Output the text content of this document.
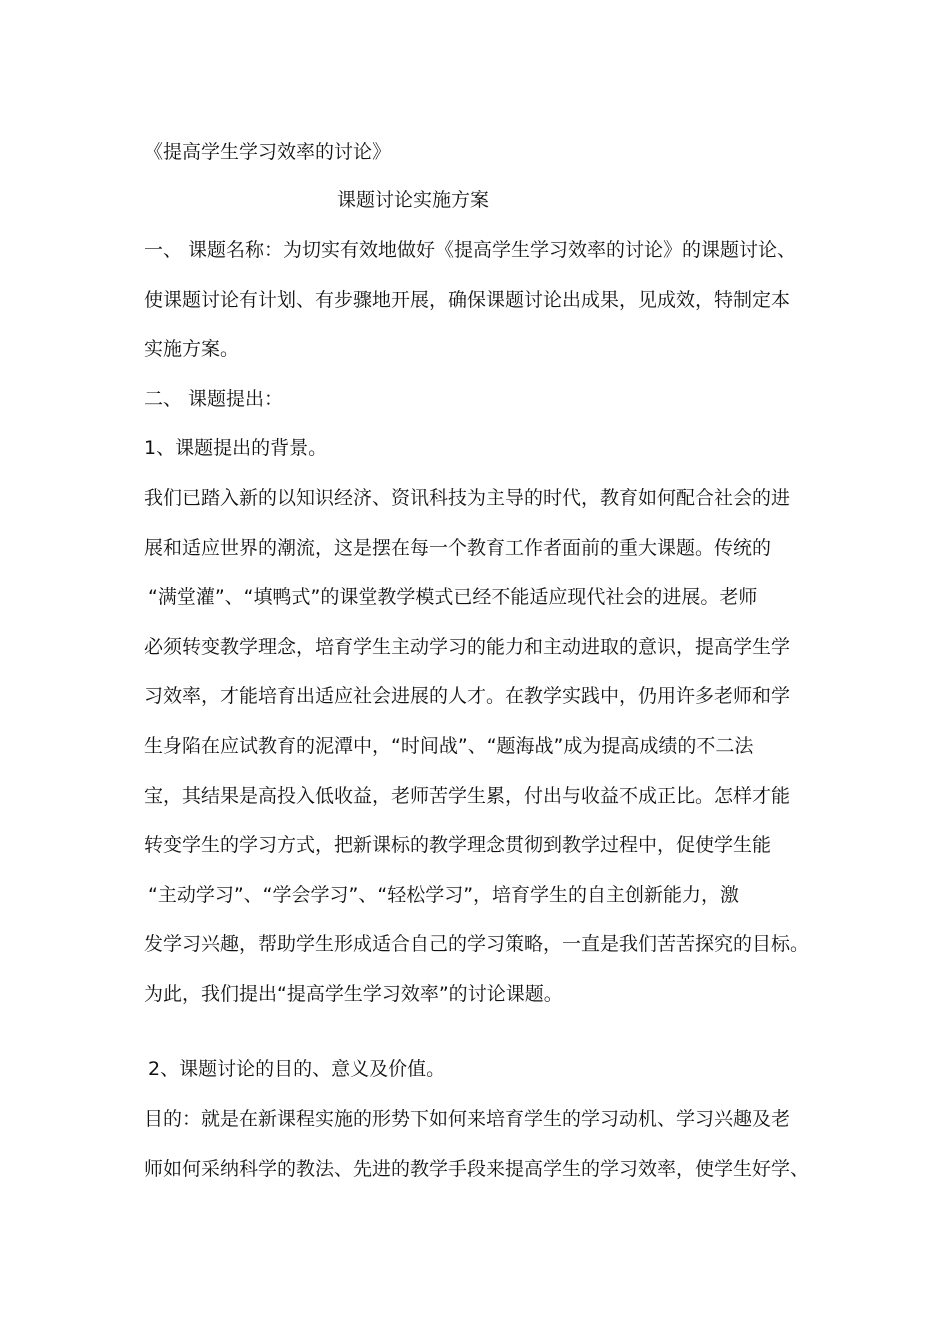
《提高学生学习效率的讨论》
课题讨论实施方案
一、 课题名称：为切实有效地做好《提高学生学习效率的讨论》的课题讨论、
使课题讨论有计划、有步骤地开展，确保课题讨论出成果，见成效，特制定本
实施方案。
二、 课题提出：
1、课题提出的背景。
我们已踏入新的以知识经济、资讯科技为主导的时代，教育如何配合社会的进
展和适应世界的潮流，这是摆在每一个教育工作者面前的重大课题。传统的
“满堂灌”、“填鸭式”的课堂教学模式已经不能适应现代社会的进展。老师
必须转变教学理念，培育学生主动学习的能力和主动进取的意识，提高学生学
习效率，才能培育出适应社会进展的人才。在教学实践中，仍用许多老师和学
生身陷在应试教育的泥潭中，“时间战”、“题海战”成为提高成绩的不二法
宝，其结果是高投入低收益，老师苦学生累，付出与收益不成正比。怎样才能
转变学生的学习方式，把新课标的教学理念贯彻到教学过程中，促使学生能
“主动学习”、“学会学习”、“轻松学习”，培育学生的自主创新能力，激
发学习兴趣，帮助学生形成适合自己的学习策略，一直是我们苦苦探究的目标。
为此，我们提出“提高学生学习效率”的讨论课题。
2、课题讨论的目的、意义及价值。
目的：就是在新课程实施的形势下如何来培育学生的学习动机、学习兴趣及老
师如何采纳科学的教法、先进的教学手段来提高学生的学习效率，使学生好学、
